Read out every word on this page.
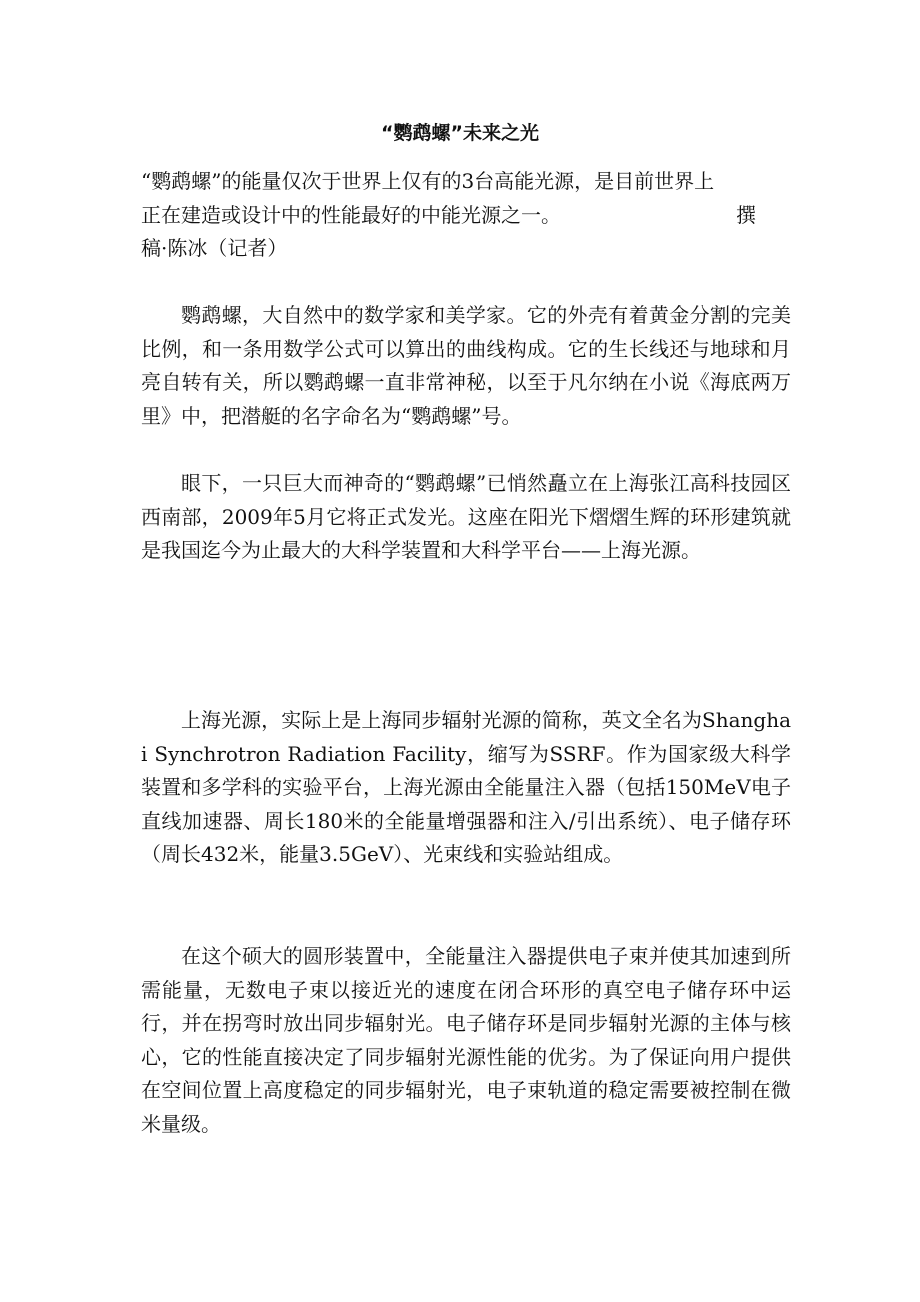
“鹦鹉螺”未来之光

“鹦鹉螺”的能量仅次于世界上仅有的3台高能光源，是目前世界上

正在建造或设计中的性能最好的中能光源之一。	撰

稿·陈冰（记者）

鹦鹉螺，大自然中的数学家和美学家。它的外壳有着黄金分割的完美比例，和一条用数学公式可以算出的曲线构成。它的生长线还与地球和月亮自转有关，所以鹦鹉螺一直非常神秘，以至于凡尔纳在小说《海底两万里》中，把潜艇的名字命名为“鹦鹉螺”号。

眼下，一只巨大而神奇的“鹦鹉螺”已悄然矗立在上海张江高科技园区西南部，2009年5月它将正式发光。这座在阳光下熠熠生辉的环形建筑就是我国迄今为止最大的大科学装置和大科学平台——上海光源。

上海光源，实际上是上海同步辐射光源的简称，英文全名为Shanghai Synchrotron Radiation Facility，缩写为SSRF。作为国家级大科学装置和多学科的实验平台，上海光源由全能量注入器（包括150MeV电子直线加速器、周长180米的全能量增强器和注入/引出系统）、电子储存环（周长432米，能量3.5GeV）、光束线和实验站组成。

在这个硕大的圆形装置中，全能量注入器提供电子束并使其加速到所需能量，无数电子束以接近光的速度在闭合环形的真空电子储存环中运行，并在拐弯时放出同步辐射光。电子储存环是同步辐射光源的主体与核心，它的性能直接决定了同步辐射光源性能的优劣。为了保证向用户提供在空间位置上高度稳定的同步辐射光，电子束轨道的稳定需要被控制在微米量级。
